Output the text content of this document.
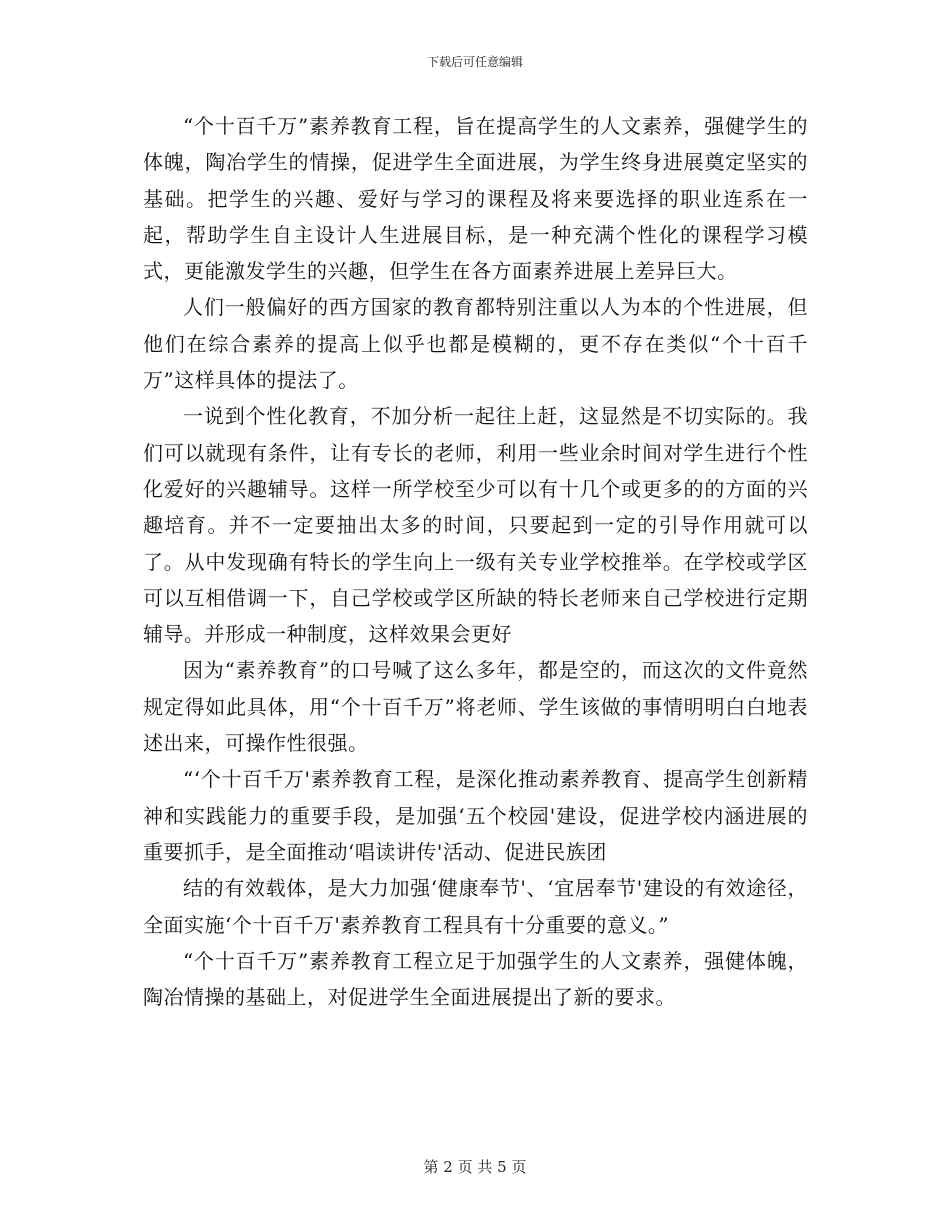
下载后可任意编辑

“个十百千万”素养教育工程，旨在提高学生的人文素养，强健学生的体魄，陶冶学生的情操，促进学生全面进展，为学生终身进展奠定坚实的基础。把学生的兴趣、爱好与学习的课程及将来要选择的职业连系在一起，帮助学生自主设计人生进展目标，是一种充满个性化的课程学习模式，更能激发学生的兴趣，但学生在各方面素养进展上差异巨大。

人们一般偏好的西方国家的教育都特别注重以人为本的个性进展，但他们在综合素养的提高上似乎也都是模糊的，更不存在类似“个十百千万”这样具体的提法了。

一说到个性化教育，不加分析一起往上赶，这显然是不切实际的。我们可以就现有条件，让有专长的老师，利用一些业余时间对学生进行个性化爱好的兴趣辅导。这样一所学校至少可以有十几个或更多的的方面的兴趣培育。并不一定要抽出太多的时间，只要起到一定的引导作用就可以了。从中发现确有特长的学生向上一级有关专业学校推举。在学校或学区可以互相借调一下，自己学校或学区所缺的特长老师来自己学校进行定期辅导。并形成一种制度，这样效果会更好

因为“素养教育”的口号喊了这么多年，都是空的，而这次的文件竟然规定得如此具体，用“个十百千万”将老师、学生该做的事情明明白白地表述出来，可操作性很强。

“‘个十百千万'素养教育工程，是深化推动素养教育、提高学生创新精神和实践能力的重要手段，是加强‘五个校园'建设，促进学校内涵进展的重要抓手，是全面推动‘唱读讲传'活动、促进民族团

结的有效载体，是大力加强‘健康奉节'、‘宜居奉节'建设的有效途径，全面实施‘个十百千万'素养教育工程具有十分重要的意义。”

“个十百千万”素养教育工程立足于加强学生的人文素养，强健体魄，陶冶情操的基础上，对促进学生全面进展提出了新的要求。

第 2 页 共 5 页
